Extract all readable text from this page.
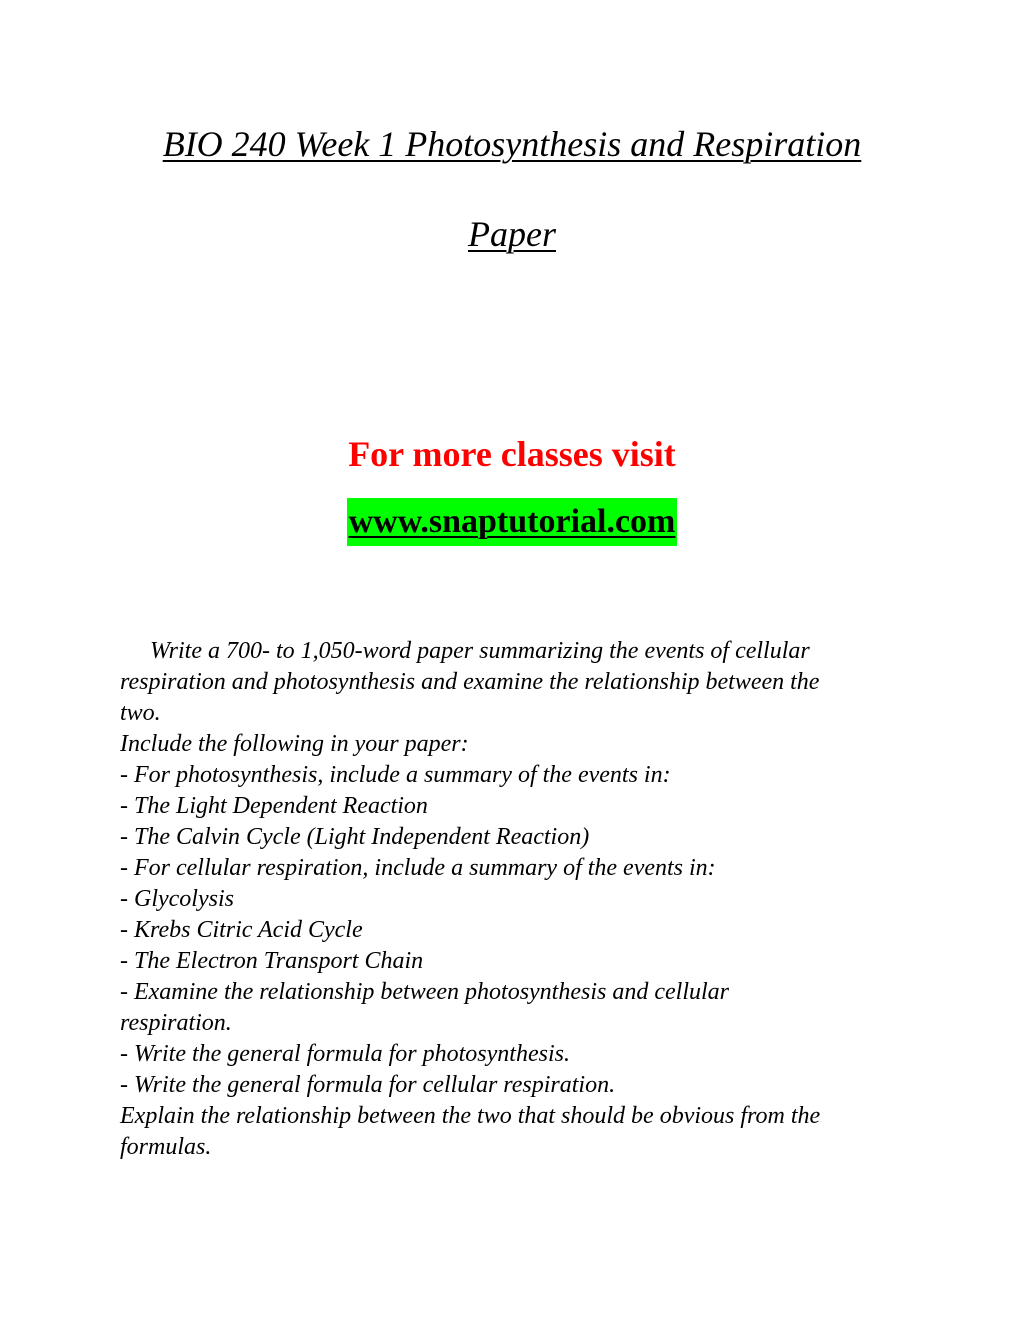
BIO 240 Week 1 Photosynthesis and Respiration
Paper
For more classes visit
www.snaptutorial.com
Write a 700- to 1,050-word paper summarizing the events of cellular
respiration and photosynthesis and examine the relationship between the
two.
Include the following in your paper:
- For photosynthesis, include a summary of the events in:
- The Light Dependent Reaction
- The Calvin Cycle (Light Independent Reaction)
- For cellular respiration, include a summary of the events in:
- Glycolysis
- Krebs Citric Acid Cycle
- The Electron Transport Chain
- Examine the relationship between photosynthesis and cellular
respiration.
- Write the general formula for photosynthesis.
- Write the general formula for cellular respiration.
Explain the relationship between the two that should be obvious from the
formulas.
